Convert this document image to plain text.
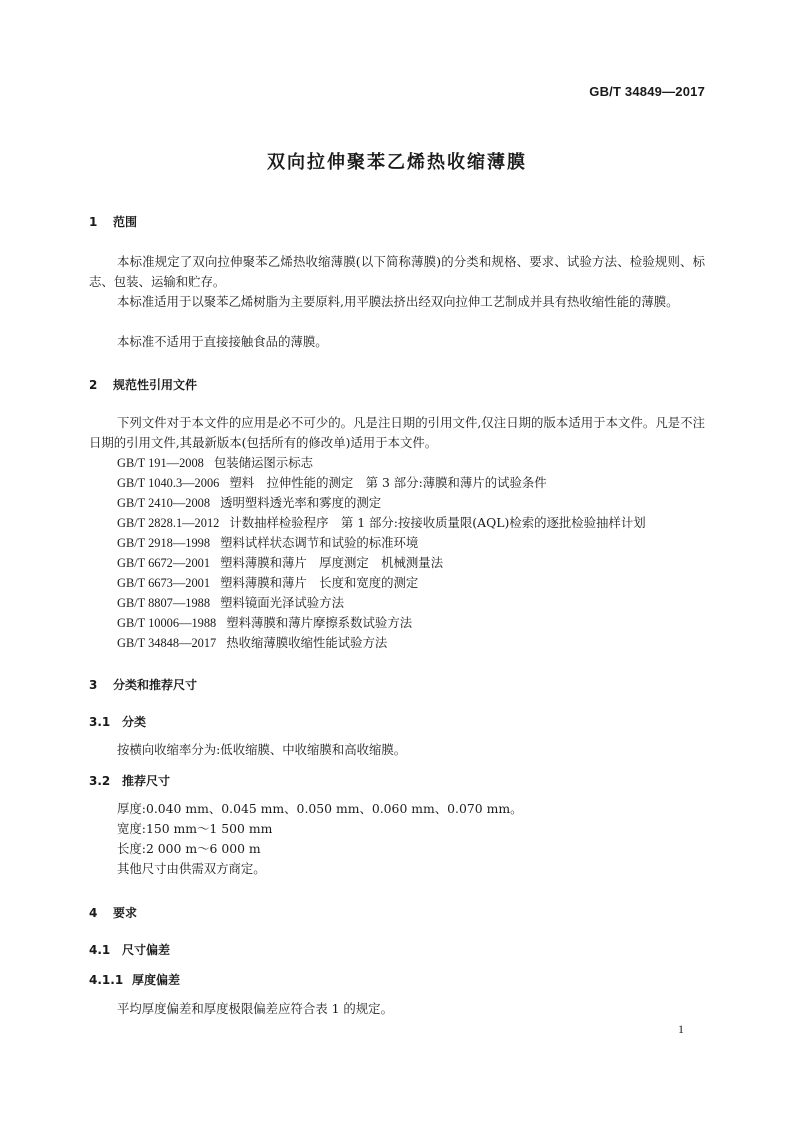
GB/T 34849—2017
双向拉伸聚苯乙烯热收缩薄膜
1 范围
本标准规定了双向拉伸聚苯乙烯热收缩薄膜(以下简称薄膜)的分类和规格、要求、试验方法、检验规则、标志、包装、运输和贮存。
本标准适用于以聚苯乙烯树脂为主要原料,用平膜法挤出经双向拉伸工艺制成并具有热收缩性能的薄膜。
本标准不适用于直接接触食品的薄膜。
2 规范性引用文件
下列文件对于本文件的应用是必不可少的。凡是注日期的引用文件,仅注日期的版本适用于本文件。凡是不注日期的引用文件,其最新版本(包括所有的修改单)适用于本文件。
GB/T 191—2008 包装储运图示标志
GB/T 1040.3—2006 塑料　拉伸性能的测定　第 3 部分:薄膜和薄片的试验条件
GB/T 2410—2008 透明塑料透光率和雾度的测定
GB/T 2828.1—2012 计数抽样检验程序　第 1 部分:按接收质量限(AQL)检索的逐批检验抽样计划
GB/T 2918—1998 塑料试样状态调节和试验的标准环境
GB/T 6672—2001 塑料薄膜和薄片　厚度测定　机械测量法
GB/T 6673—2001 塑料薄膜和薄片　长度和宽度的测定
GB/T 8807—1988 塑料镜面光泽试验方法
GB/T 10006—1988 塑料薄膜和薄片摩擦系数试验方法
GB/T 34848—2017 热收缩薄膜收缩性能试验方法
3 分类和推荐尺寸
3.1 分类
按横向收缩率分为:低收缩膜、中收缩膜和高收缩膜。
3.2 推荐尺寸
厚度:0.040 mm、0.045 mm、0.050 mm、0.060 mm、0.070 mm。
宽度:150 mm～1 500 mm
长度:2 000 m～6 000 m
其他尺寸由供需双方商定。
4 要求
4.1 尺寸偏差
4.1.1 厚度偏差
平均厚度偏差和厚度极限偏差应符合表 1 的规定。
1
